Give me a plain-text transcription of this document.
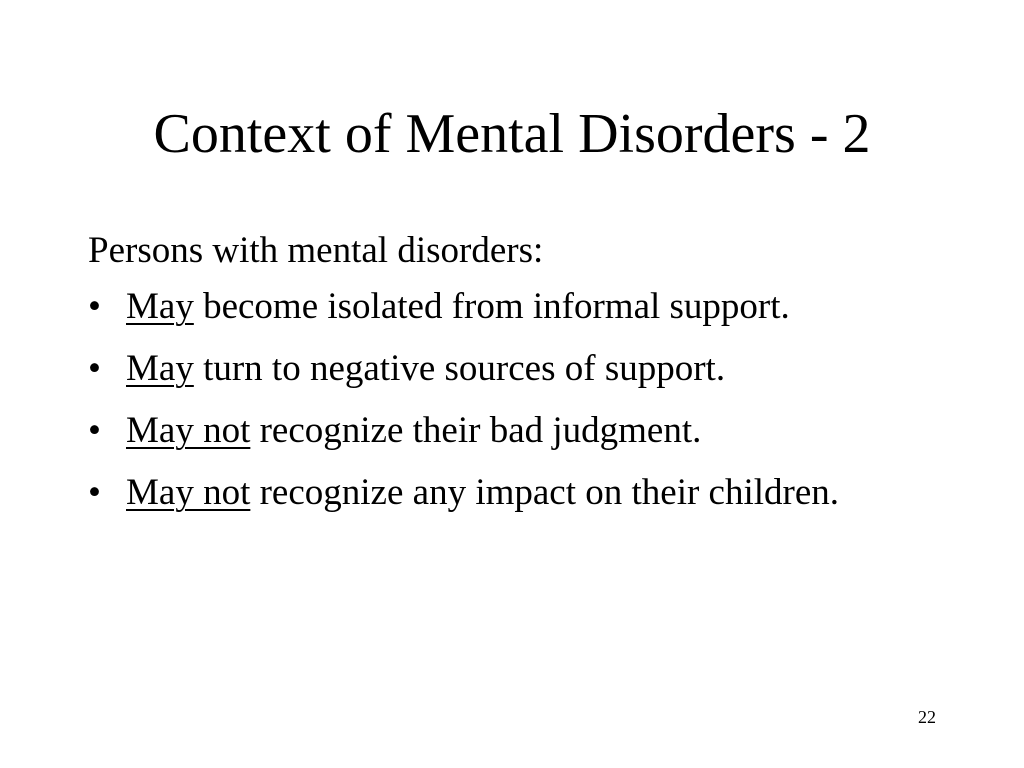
Context of Mental Disorders - 2

Persons with mental disorders:

• May become isolated from informal support.
• May turn to negative sources of support.
• May not recognize their bad judgment.
• May not recognize any impact on their children.
22
